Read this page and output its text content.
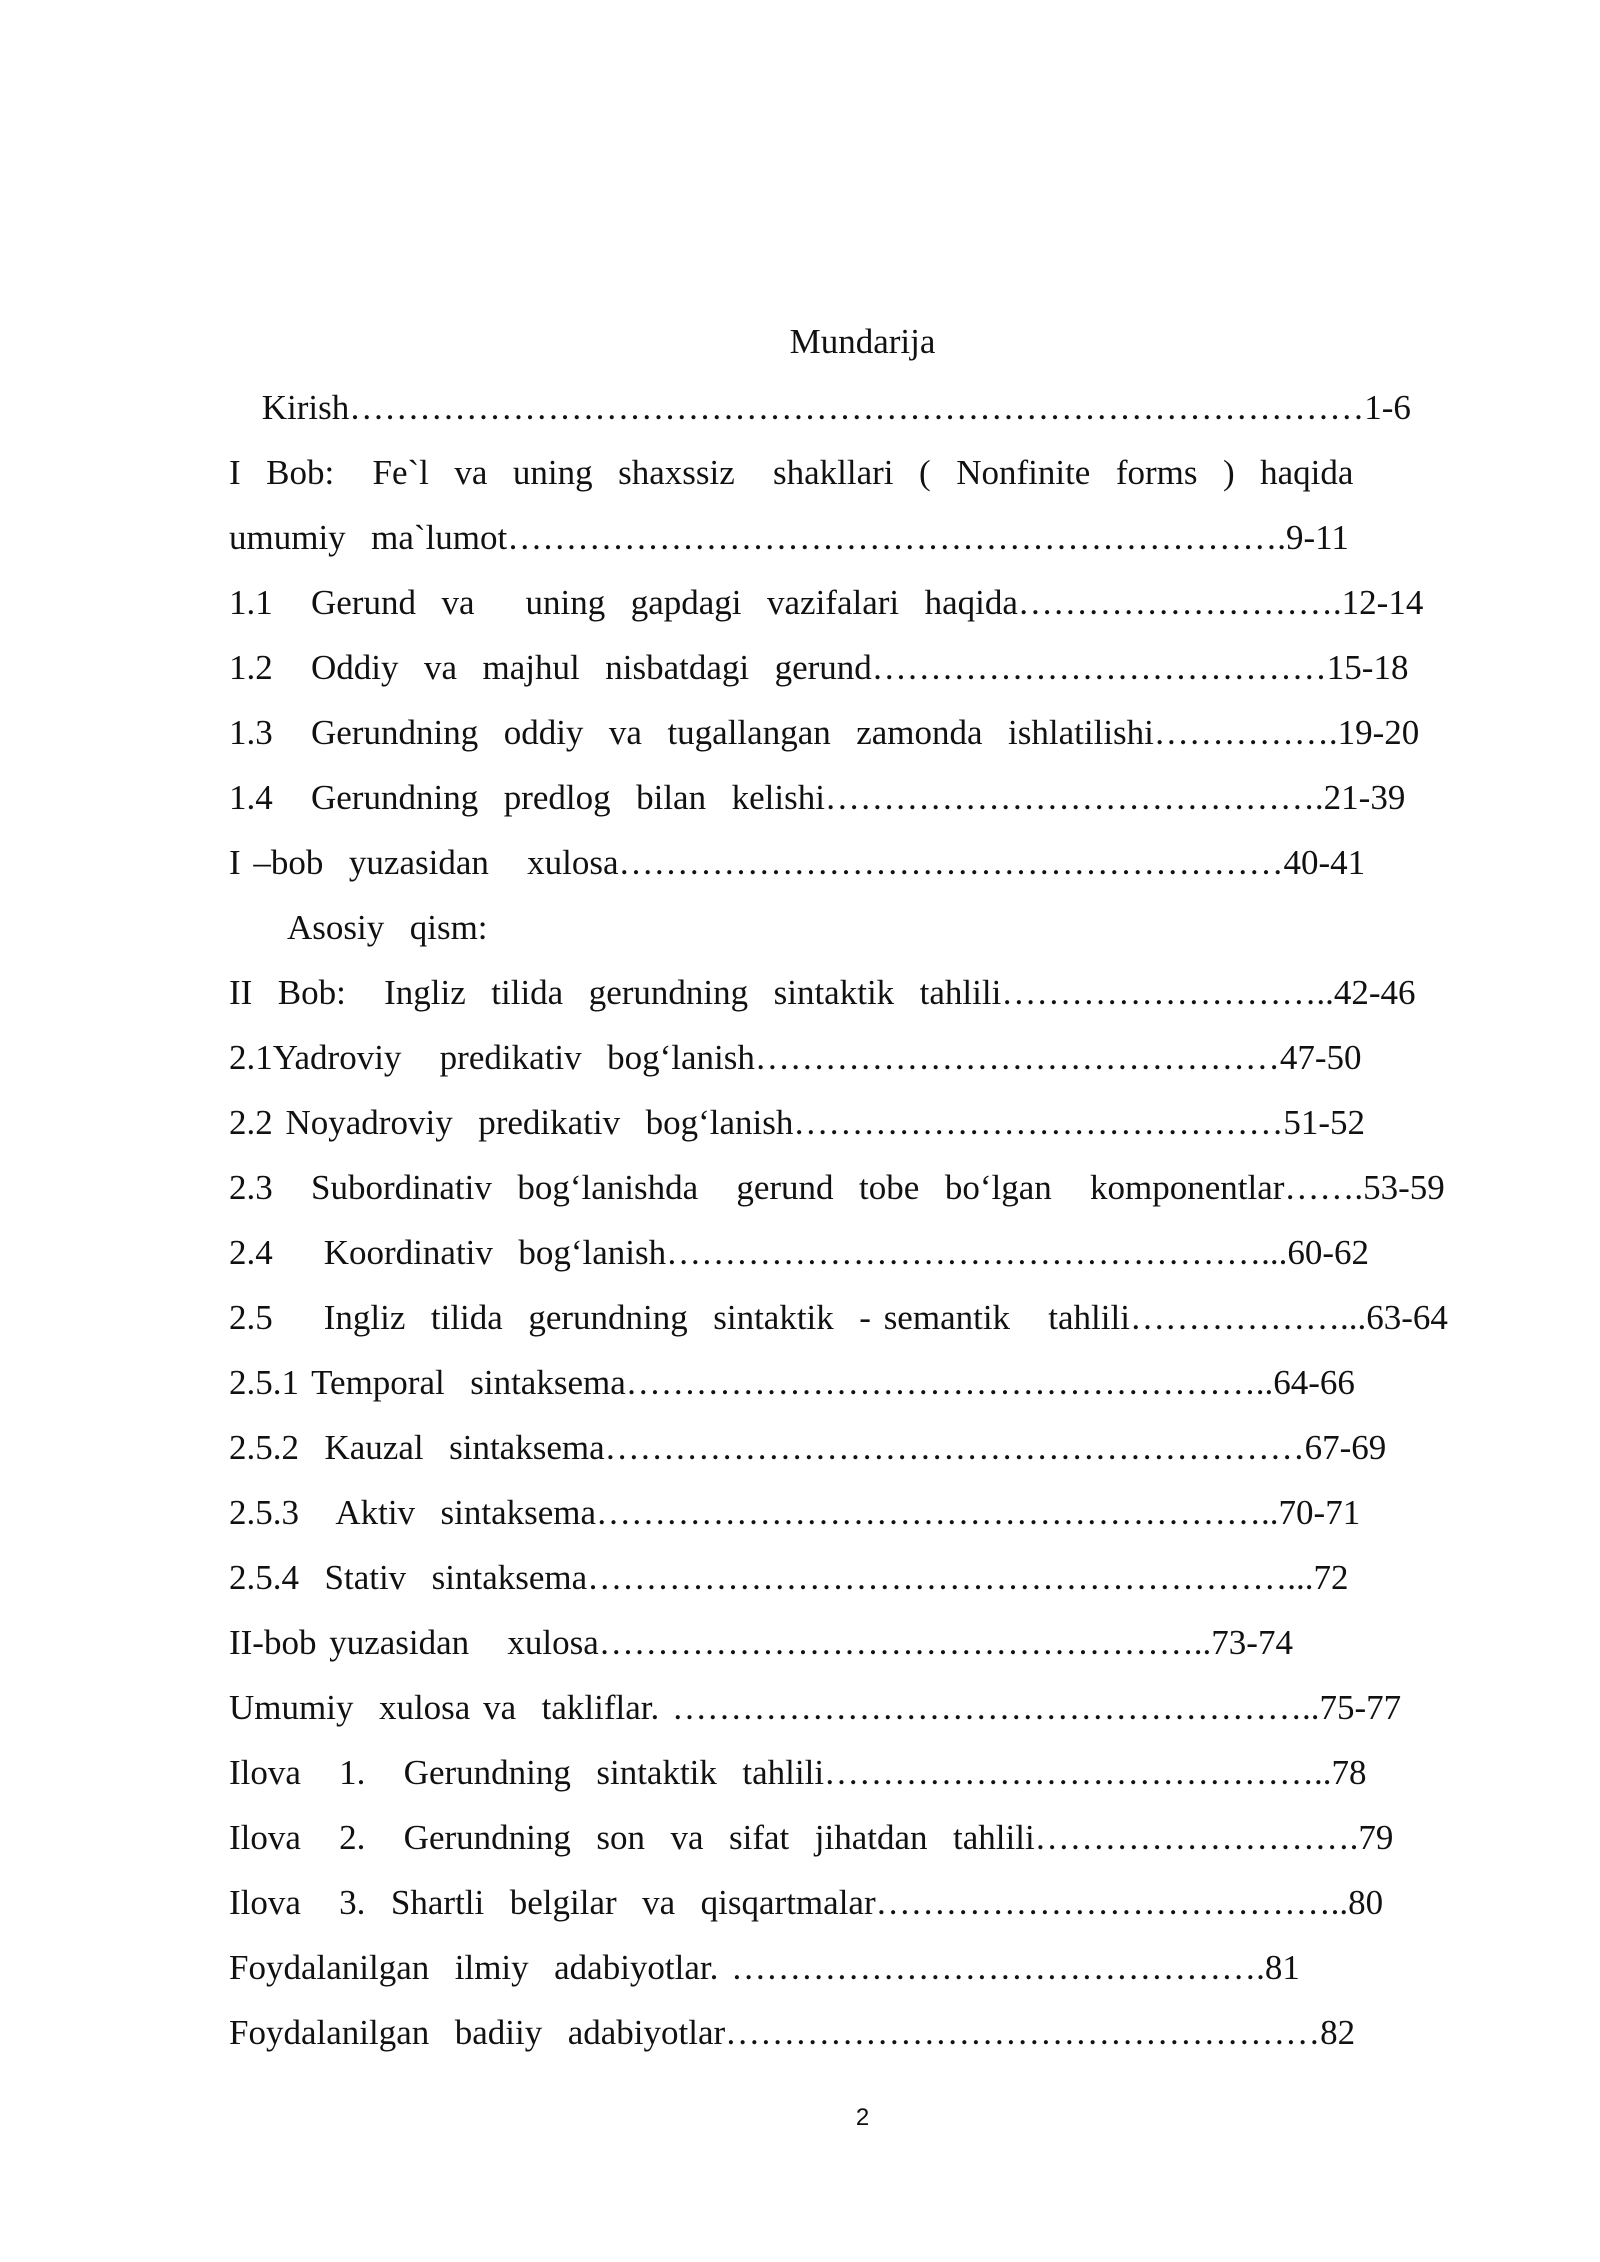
Mundarija
Kirish……………………………………………………………………………1-6
I  Bob:   Fe`l  va  uning  shaxssiz   shakllari  (  Nonfinite  forms  )  haqida
umumiy  ma`lumot………………………………………………………….9-11
1.1   Gerund  va    uning  gapdagi  vazifalari  haqida……………………….12-14
1.2   Oddiy  va  majhul  nisbatdagi  gerund…………………………………15-18
1.3   Gerundning  oddiy  va  tugallangan  zamonda  ishlatilishi…………….19-20
1.4   Gerundning  predlog  bilan  kelishi…………………………………….21-39
I –bob  yuzasidan   xulosa…………………………………………………40-41
Asosiy  qism:
II  Bob:   Ingliz  tilida  gerundning  sintaktik  tahlili………………………..42-46
2.1Yadroviy   predikativ  bog‘lanish………………………………………47-50
2.2 Noyadroviy  predikativ  bog‘lanish……………………………………51-52
2.3   Subordinativ  bog‘lanishda   gerund  tobe  bo‘lgan   komponentlar…….53-59
2.4    Koordinativ  bog‘lanish……………………………………………...60-62
2.5    Ingliz  tilida  gerundning  sintaktik  - semantik   tahlili………………...63-64
2.5.1 Temporal  sintaksema………………………………………………..64-66
2.5.2  Kauzal  sintaksema……………………………………………………67-69
2.5.3   Aktiv  sintaksema…………………………………………………..70-71
2.5.4  Stativ  sintaksema……………………………………………………...72
II-bob yuzasidan   xulosa……………………………………………..73-74
Umumiy  xulosa va  takliflar. ………………………………………………..75-77
Ilova   1.   Gerundning  sintaktik  tahlili……………………………………..78
Ilova   2.   Gerundning  son  va  sifat  jihatdan  tahlili……………………….79
Ilova   3.  Shartli  belgilar  va  qisqartmalar…………………………………..80
Foydalanilgan  ilmiy  adabiyotlar. ……………………………………….81
Foydalanilgan  badiiy  adabiyotlar……………………………………………82
2
